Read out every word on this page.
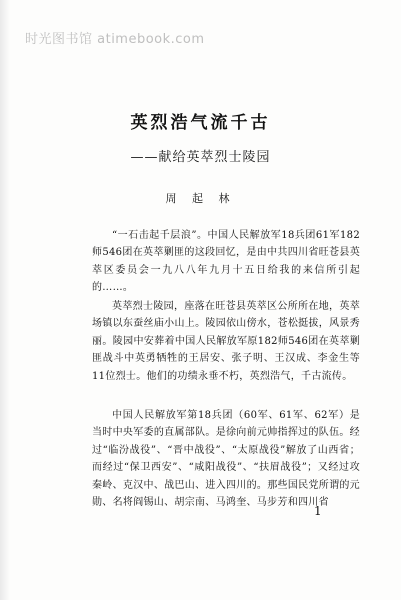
时光图书馆 atimebook.com
英烈浩气流千古
——献给英萃烈士陵园
周 起 林

“一石击起千层浪”。中国人民解放军18兵团61军182师546团在英萃剿匪的这段回忆，是由中共四川省旺苍县英萃区委员会一九八八年九月十五日给我的来信所引起的……。

英萃烈士陵园，座落在旺苍县英萃区公所所在地，英萃场镇以东蚕丝庙小山上。陵园依山傍水，苍松挺拔，风景秀丽。陵园中安葬着中国人民解放军原182师546团在英萃剿匪战斗中英勇牺牲的王居安、张子明、王汉成、李金生等11位烈士。他们的功绩永垂不朽，英烈浩气，千古流传。

中国人民解放军第18兵团（60军、61军、62军）是当时中央军委的直属部队。是徐向前元帅指挥过的队伍。经过“临汾战役”、“晋中战役”、“太原战役”解放了山西省；而经过“保卫西安”、“咸阳战役”、“扶眉战役”；又经过攻秦岭、克汉中、战巴山、进入四川的。那些国民党所谓的元勋、名将阎锡山、胡宗南、马鸿奎、马步芳和四川省

1
